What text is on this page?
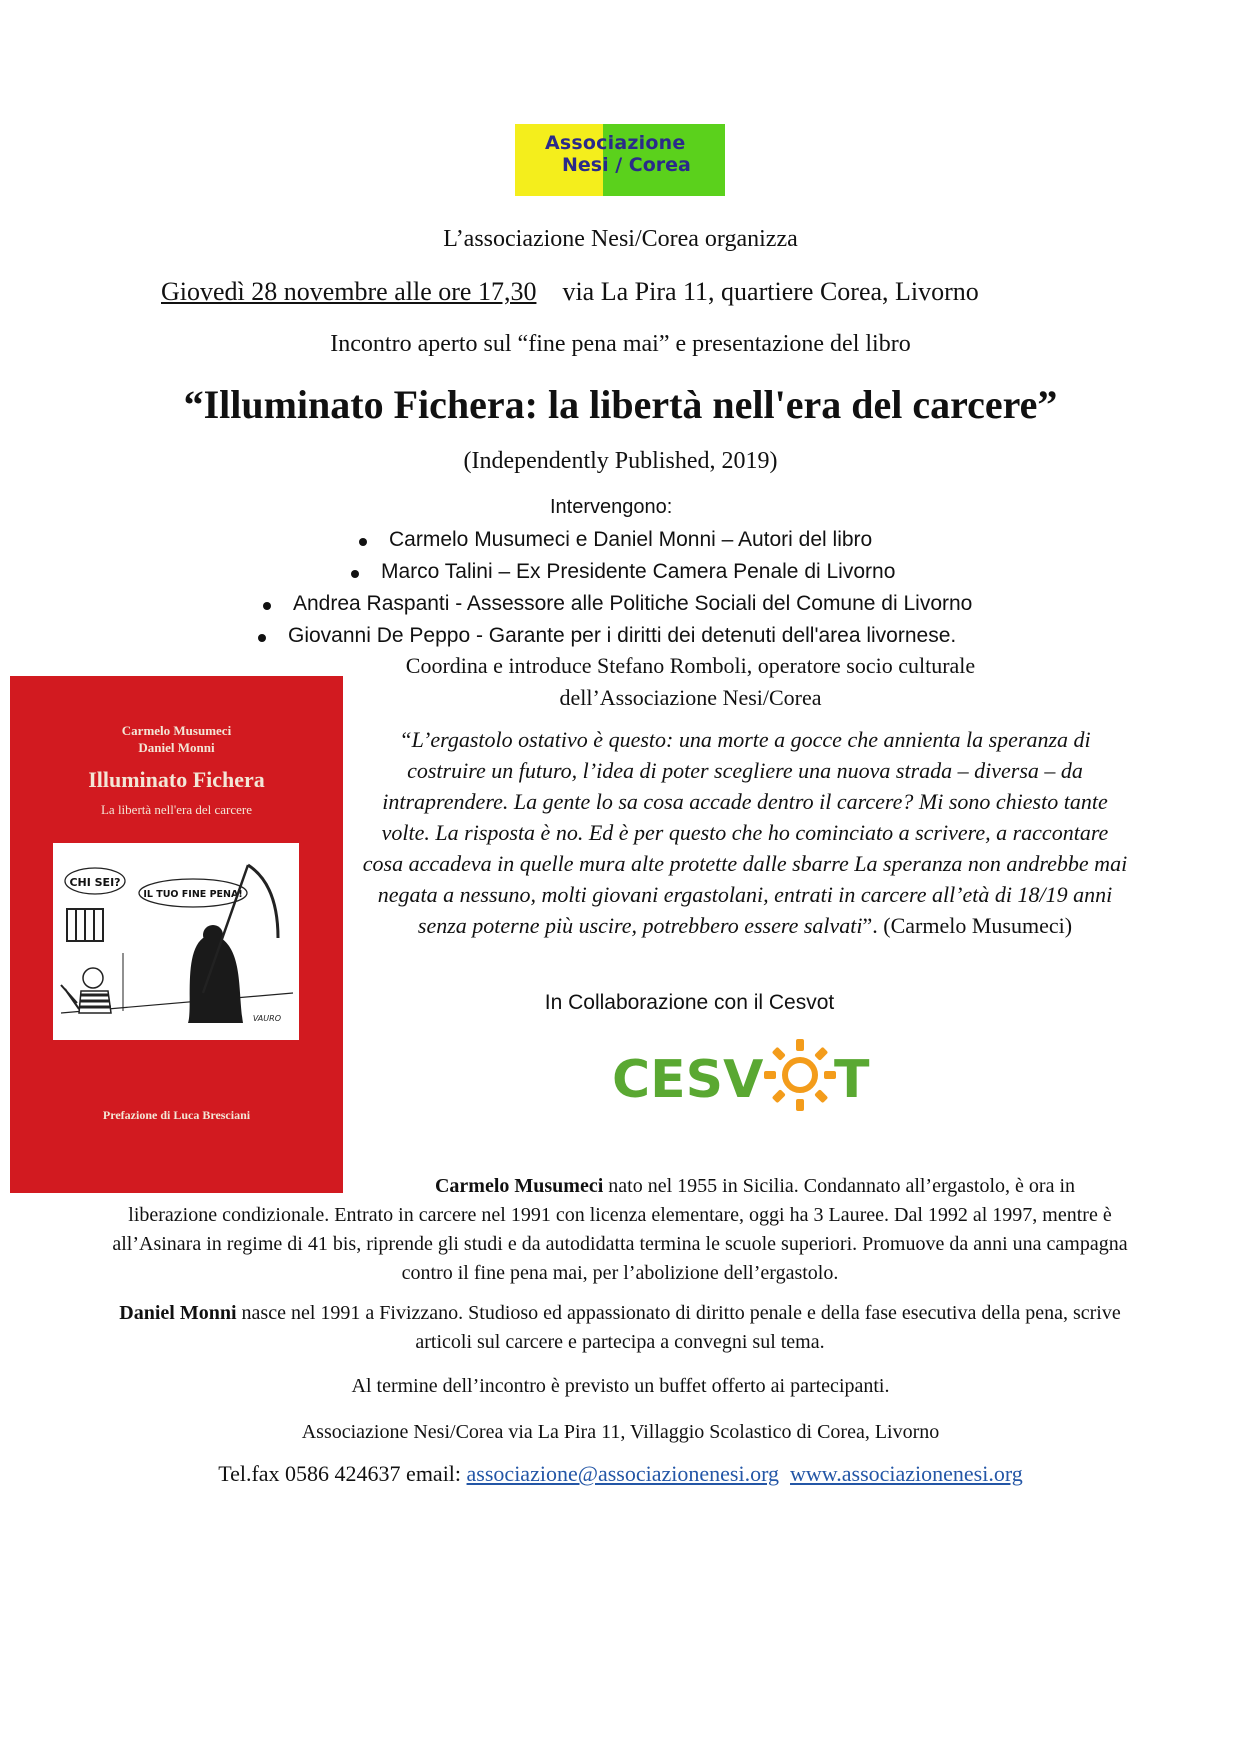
Associazione
Nesi / Corea
L’associazione Nesi/Corea organizza
Giovedì 28 novembre alle ore 17,30 via La Pira 11, quartiere Corea, Livorno
Incontro aperto sul “fine pena mai” e presentazione del libro
“Illuminato Fichera: la libertà nell'era del carcere”
(Independently Published, 2019)
Intervengono:
Carmelo Musumeci e Daniel Monni – Autori del libro
Marco Talini – Ex Presidente Camera Penale di Livorno
Andrea Raspanti - Assessore alle Politiche Sociali del Comune di Livorno
Giovanni De Peppo - Garante per i diritti dei detenuti dell'area livornese.
Coordina e introduce Stefano Romboli, operatore socio culturale
dell’Associazione Nesi/Corea
Carmelo Musumeci
Daniel Monni
Illuminato Fichera
La libertà nell'era del carcere
CHI SEI?
IL TUO FINE PENA!
VAURO
Prefazione di Luca Bresciani
“L’ergastolo ostativo è questo: una morte a gocce che annienta la speranza di costruire un futuro, l’idea di poter scegliere una nuova strada – diversa – da intraprendere. La gente lo sa cosa accade dentro il carcere? Mi sono chiesto tante volte. La risposta è no. Ed è per questo che ho cominciato a scrivere, a raccontare cosa accadeva in quelle mura alte protette dalle sbarre La speranza non andrebbe mai negata a nessuno, molti giovani ergastolani, entrati in carcere all’età di 18/19 anni senza poterne più uscire, potrebbero essere salvati”. (Carmelo Musumeci)
In Collaborazione con il Cesvot
CESV T
Carmelo Musumeci nato nel 1955 in Sicilia. Condannato all’ergastolo, è ora in
liberazione condizionale. Entrato in carcere nel 1991 con licenza elementare, oggi ha 3 Lauree. Dal 1992 al 1997, mentre è all’Asinara in regime di 41 bis, riprende gli studi e da autodidatta termina le scuole superiori. Promuove da anni una campagna contro il fine pena mai, per l’abolizione dell’ergastolo.
Daniel Monni nasce nel 1991 a Fivizzano. Studioso ed appassionato di diritto penale e della fase esecutiva della pena, scrive articoli sul carcere e partecipa a convegni sul tema.
Al termine dell’incontro è previsto un buffet offerto ai partecipanti.
Associazione Nesi/Corea via La Pira 11, Villaggio Scolastico di Corea, Livorno
Tel.fax 0586 424637 email: associazione@associazionenesi.org www.associazionenesi.org
